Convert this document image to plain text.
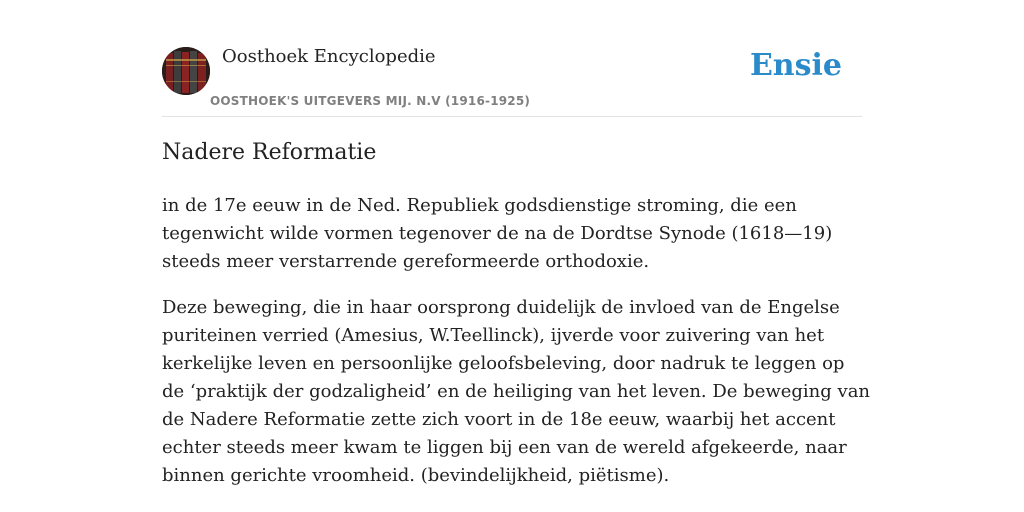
Oosthoek Encyclopedie
OOSTHOEK'S UITGEVERS MIJ. N.V (1916-1925)
Ensie
Nadere Reformatie

in de 17e eeuw in de Ned. Republiek godsdienstige stroming, die een tegenwicht wilde vormen tegenover de na de Dordtse Synode (1618—19) steeds meer verstarrende gereformeerde orthodoxie.

Deze beweging, die in haar oorsprong duidelijk de invloed van de Engelse puriteinen verried (Amesius, W.Teellinck), ijverde voor zuivering van het kerkelijke leven en persoonlijke geloofsbeleving, door nadruk te leggen op de ‘praktijk der godzaligheid’ en de heiliging van het leven. De beweging van de Nadere Reformatie zette zich voort in de 18e eeuw, waarbij het accent echter steeds meer kwam te liggen bij een van de wereld afgekeerde, naar binnen gerichte vroomheid. (bevindelijkheid, piëtisme).
